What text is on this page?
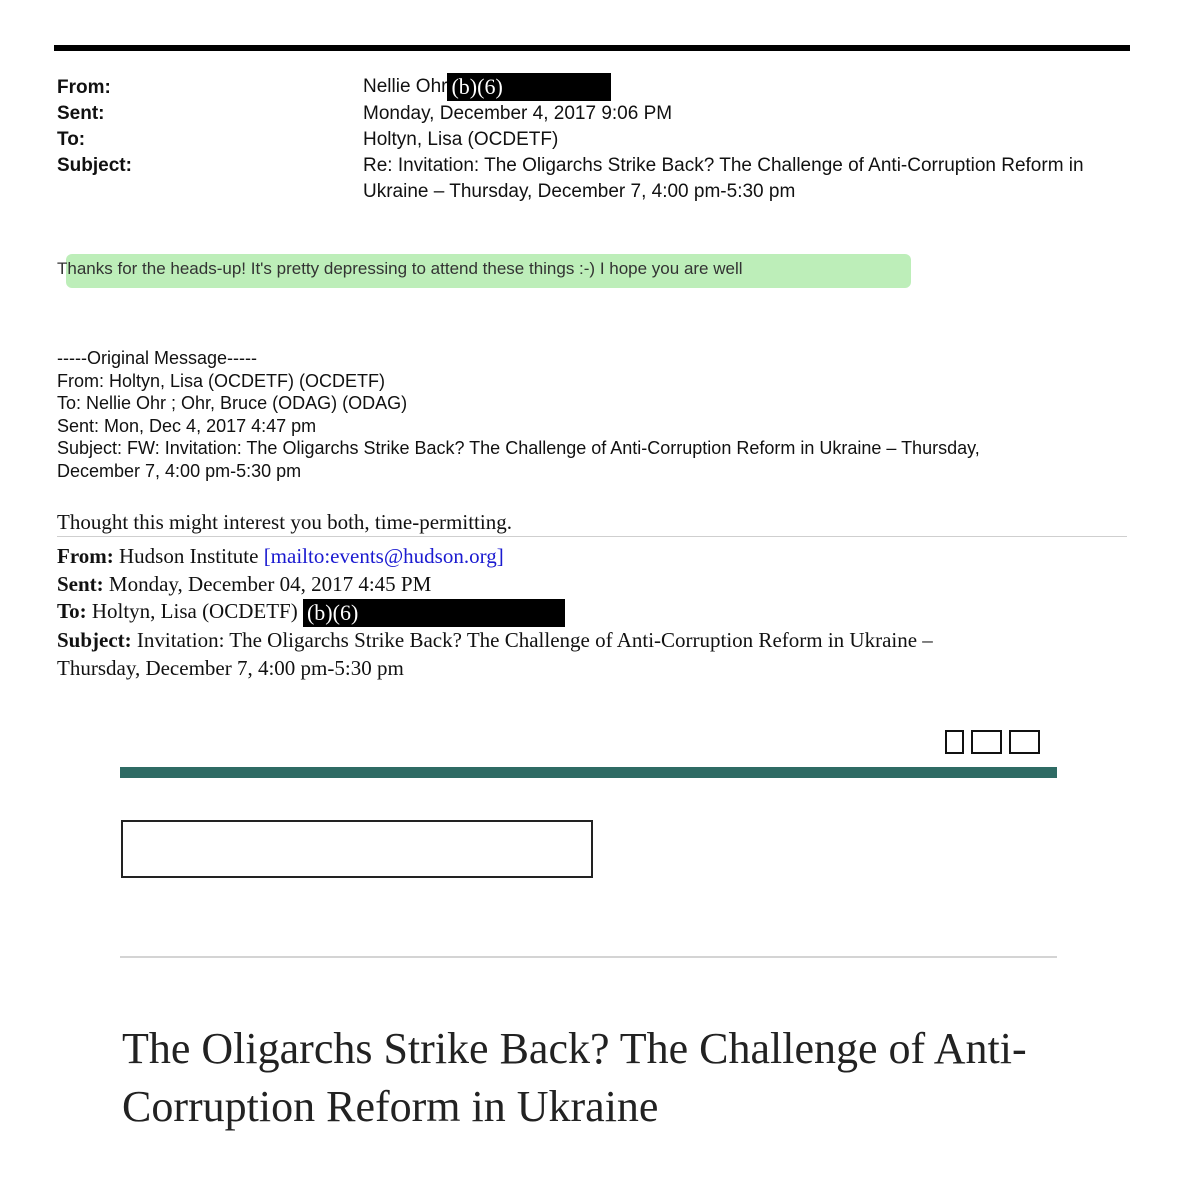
From:	Nellie Ohr (b)(6)
Sent:	Monday, December 4, 2017 9:06 PM
To:	Holtyn, Lisa (OCDETF)
Subject:	Re: Invitation: The Oligarchs Strike Back? The Challenge of Anti-Corruption Reform in
Ukraine – Thursday, December 7, 4:00 pm-5:30 pm
Thanks for the heads-up! It's pretty depressing to attend these things :-) I hope you are well
-----Original Message-----
From: Holtyn, Lisa (OCDETF) (OCDETF)
To: Nellie Ohr ; Ohr, Bruce (ODAG) (ODAG)
Sent: Mon, Dec 4, 2017 4:47 pm
Subject: FW: Invitation: The Oligarchs Strike Back? The Challenge of Anti-Corruption Reform in Ukraine – Thursday,
December 7, 4:00 pm-5:30 pm
Thought this might interest you both, time-permitting.
From: Hudson Institute [mailto:events@hudson.org]
Sent: Monday, December 04, 2017 4:45 PM
To: Holtyn, Lisa (OCDETF) (b)(6)
Subject: Invitation: The Oligarchs Strike Back? The Challenge of Anti-Corruption Reform in Ukraine –
Thursday, December 7, 4:00 pm-5:30 pm
The Oligarchs Strike Back? The Challenge of Anti-
Corruption Reform in Ukraine
